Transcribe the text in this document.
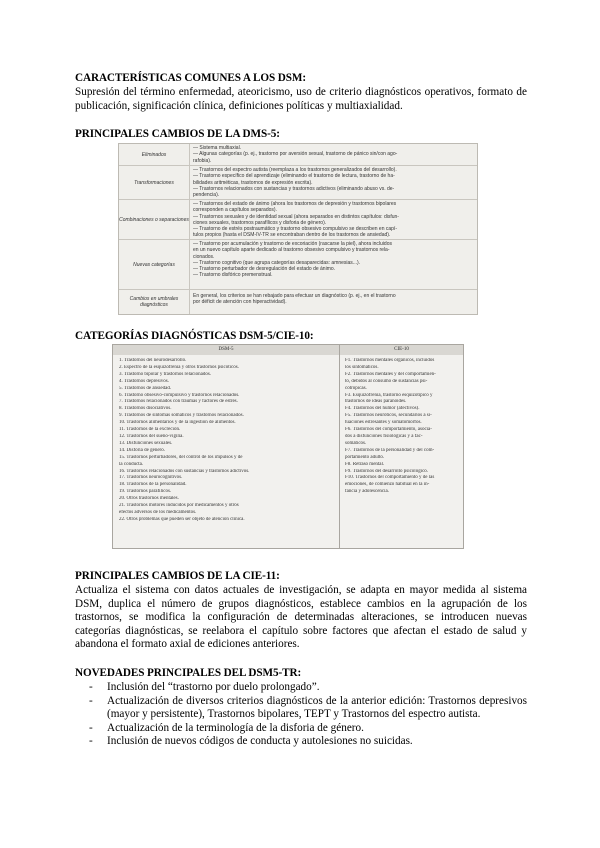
CARACTERÍSTICAS COMUNES A LOS DSM:

Supresión del término enfermedad, ateoricismo, uso de criterio diagnósticos operativos, formato de publicación, significación clínica, definiciones políticas y multiaxialidad.

PRINCIPALES CAMBIOS DE LA DMS-5:
Eliminados
— Sistema multiaxial.
— Algunas categorías (p. ej., trastorno por aversión sexual, trastorno de pánico sin/con ago-
rafobia).
Transformaciones
— Trastornos del espectro autista (reemplaza a los trastornos generalizados del desarrollo).
— Trastorno específico del aprendizaje (eliminando el trastorno de lectura, trastorno de ha-
bilidades aritméticas, trastornos de expresión escrita).
— Trastornos relacionados con sustancias y trastornos adictivos (eliminando abuso vs. de-
pendencia).
Combinaciones o separaciones
— Trastornos del estado de ánimo (ahora los trastornos de depresión y trastornos bipolares
corresponden a capítulos separados).
— Trastornos sexuales y de identidad sexual (ahora separados en distintos capítulos: disfun-
ciones sexuales, trastornos parafílicos y disforia de género).
— Trastorno de estrés postraumático y trastorno obsesivo compulsivo se describen en capí-
tulos propios (hasta el DSM-IV-TR se encontraban dentro de los trastornos de ansiedad).
Nuevas categorías
— Trastorno por acumulación y trastorno de excoriación (rascarse la piel), ahora incluidos
en un nuevo capítulo aparte dedicado al trastorno obsesivo compulsivo y trastornos rela-
cionados.
— Trastorno cognitivo (que agrupa categorías desaparecidas: amnesias...).
— Trastorno perturbador de desregulación del estado de ánimo.
— Trastorno disfórico premenstrual.
Cambios en umbrales diagnósticos
En general, los criterios se han rebajado para efectuar un diagnóstico (p. ej., en el trastorno
por déficit de atención con hiperactividad).
CATEGORÍAS DIAGNÓSTICAS DSM-5/CIE-10:
DSM-5	CIE-10
1. Trastornos del neurodesarrollo.
2. Espectro de la esquizofrenia y otros trastornos psicóticos.
3. Trastorno bipolar y trastornos relacionados.
4. Trastornos depresivos.
5. Trastornos de ansiedad.
6. Trastorno obsesivo-compulsivo y trastornos relacionados.
7. Trastornos relacionados con traumas y factores de estrés.
8. Trastornos disociativos.
9. Trastornos de síntomas somáticos y trastornos relacionados.
10. Trastornos alimentarios y de la ingestión de alimentos.
11. Trastornos de la excreción.
12. Trastornos del sueño-vigilia.
13. Disfunciones sexuales.
14. Disforia de género.
15. Trastornos perturbadores, del control de los impulsos y de
la conducta.
16. Trastornos relacionados con sustancias y trastornos adictivos.
17. Trastornos neurocognitivos.
18. Trastornos de la personalidad.
19. Trastornos parafílicos.
20. Otros trastornos mentales.
21. Trastornos motores inducidos por medicamentos y otros
efectos adversos de los medicamentos.
22. Otros problemas que pueden ser objeto de atención clínica.
F1. Trastornos mentales orgánicos, incluidos
los sintomáticos.
F2. Trastornos mentales y del comportamien-
to, debidos al consumo de sustancias psi-
cotrópicas.
F3. Esquizofrenia, trastorno esquizotípico y
trastornos de ideas paranoides.
F4. Trastornos del humor (afectivos).
F5. Trastornos neuróticos, secundarios a si-
tuaciones estresantes y somatomorfos.
F6. Trastornos del comportamiento, asocia-
dos a disfunciones fisiológicas y a fac-
somáticos.
F7. Trastornos de la personalidad y del com-
portamiento adulto.
F8. Retraso mental.
F9. Trastornos del desarrollo psicológico.
F10. Trastornos del comportamiento y de las
emociones, de comienzo habitual en la in-
fancia y adolescencia.
PRINCIPALES CAMBIOS DE LA CIE-11:

Actualiza el sistema con datos actuales de investigación, se adapta en mayor medida al sistema DSM, duplica el número de grupos diagnósticos, establece cambios en la agrupación de los trastornos, se modifica la configuración de determinadas alteraciones, se introducen nuevas categorías diagnósticas, se reelabora el capítulo sobre factores que afectan el estado de salud y abandona el formato axial de ediciones anteriores.

NOVEDADES PRINCIPALES DEL DSM5-TR:
- Inclusión del “trastorno por duelo prolongado”.
- Actualización de diversos criterios diagnósticos de la anterior edición: Trastornos depresivos (mayor y persistente), Trastornos bipolares, TEPT y Trastornos del espectro autista.
- Actualización de la terminología de la disforia de género.
- Inclusión de nuevos códigos de conducta y autolesiones no suicidas.
